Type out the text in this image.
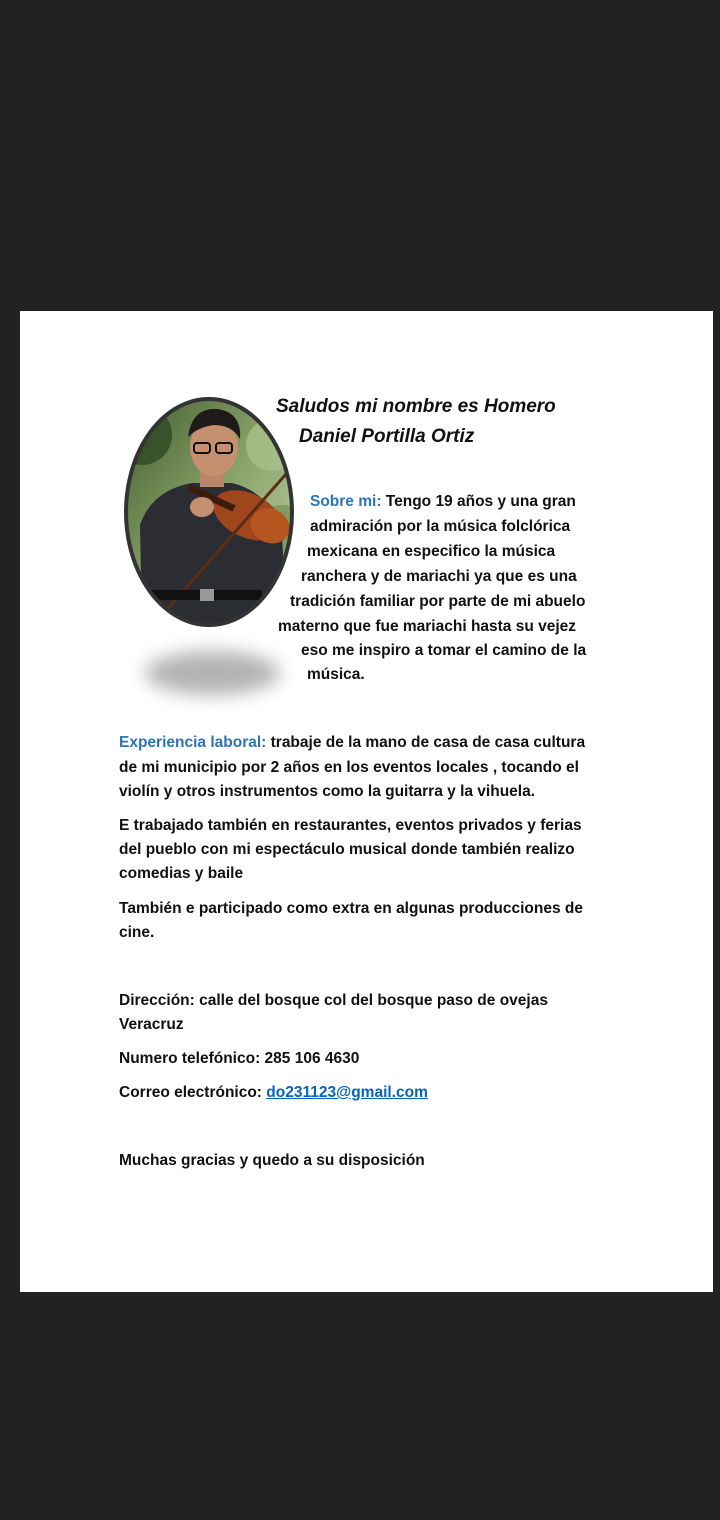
Saludos mi nombre es Homero

Daniel Portilla Ortiz

Sobre mi: Tengo 19 años y una gran

admiración por la música folclórica

mexicana en especifico la música

ranchera y de mariachi ya que es una

tradición familiar por parte de mi abuelo

materno que fue mariachi hasta su vejez

eso me inspiro a tomar el camino de la

música.

Experiencia laboral: trabaje de la mano de casa de casa cultura

de mi municipio por 2 años en los eventos locales , tocando el

violín y otros instrumentos como la guitarra y la vihuela.

E trabajado también en restaurantes, eventos privados y ferias

del pueblo con mi espectáculo musical donde también realizo

comedias y baile

También e participado como extra en algunas producciones de

cine.

Dirección: calle del bosque col del bosque paso de ovejas

Veracruz

Numero telefónico: 285 106 4630

Correo electrónico: do231123@gmail.com

Muchas gracias y quedo a su disposición
